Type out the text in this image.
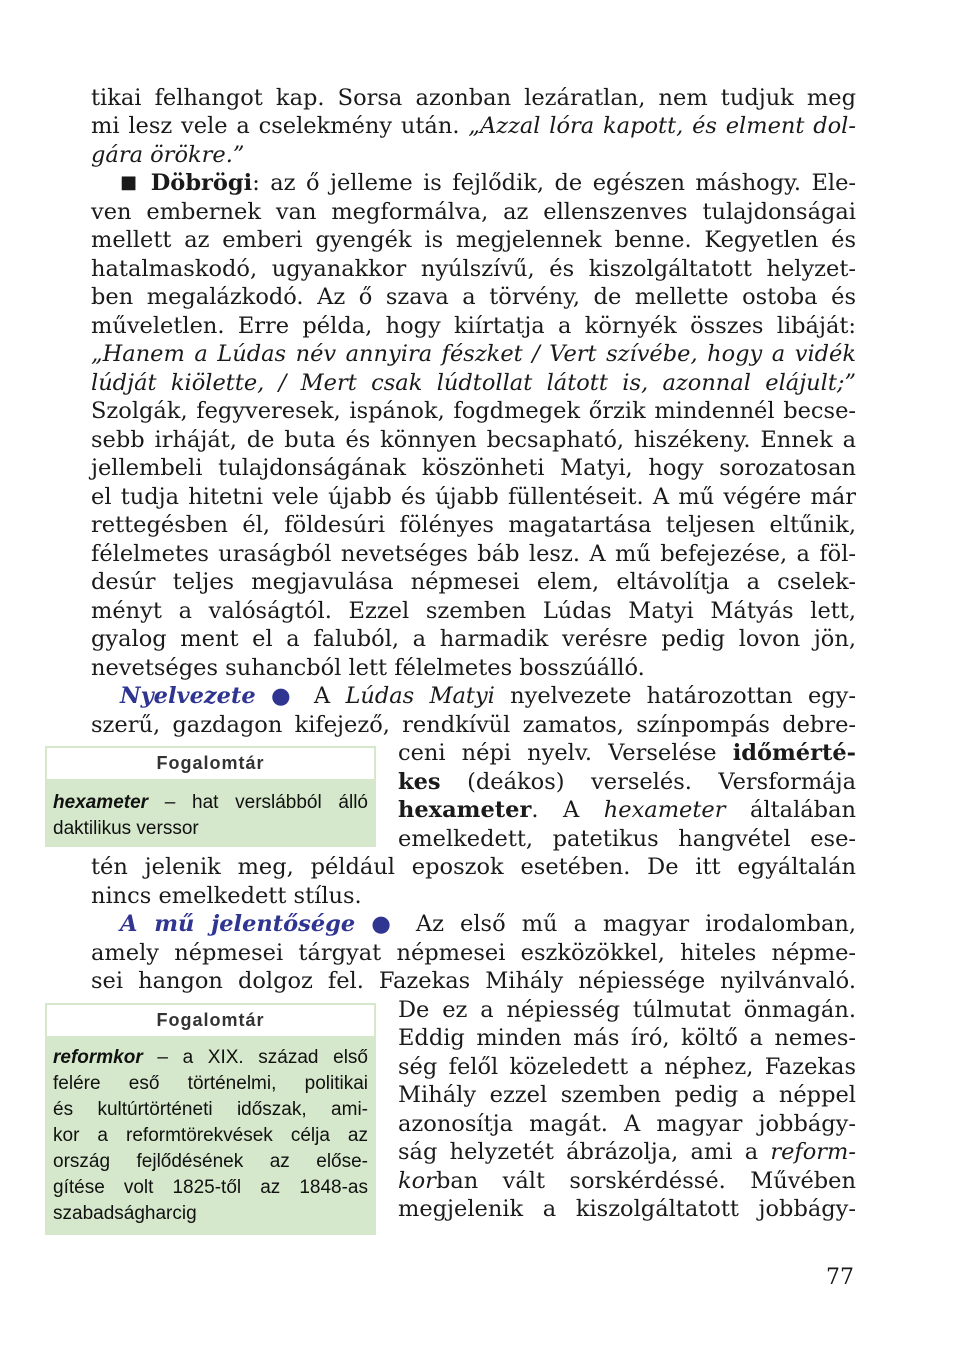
tikai felhangot kap. Sorsa azonban lezáratlan, nem tudjuk meg
mi lesz vele a cselekmény után. „Azzal lóra kapott, és elment dol-
gára örökre.”
■ Döbrögi: az ő jelleme is fejlődik, de egészen máshogy. Ele-
ven embernek van megformálva, az ellenszenves tulajdonságai
mellett az emberi gyengék is megjelennek benne. Kegyetlen és
hatalmaskodó, ugyanakkor nyúlszívű, és kiszolgáltatott helyzet-
ben megalázkodó. Az ő szava a törvény, de mellette ostoba és
műveletlen. Erre példa, hogy kiírtatja a környék összes libáját:
„Hanem a Lúdas név annyira fészket / Vert szívébe, hogy a vidék
lúdját kiölette, / Mert csak lúdtollat látott is, azonnal elájult;”
Szolgák, fegyveresek, ispánok, fogdmegek őrzik mindennél becse-
sebb irháját, de buta és könnyen becsapható, hiszékeny. Ennek a
jellembeli tulajdonságának köszönheti Matyi, hogy sorozatosan
el tudja hitetni vele újabb és újabb füllentéseit. A mű végére már
rettegésben él, földesúri fölényes magatartása teljesen eltűnik,
félelmetes uraságból nevetséges báb lesz. A mű befejezése, a föl-
desúr teljes megjavulása népmesei elem, eltávolítja a cselek-
ményt a valóságtól. Ezzel szemben Lúdas Matyi Mátyás lett,
gyalog ment el a faluból, a harmadik verésre pedig lovon jön,
nevetséges suhancból lett félelmetes bosszúálló.
Nyelvezete ● A Lúdas Matyi nyelvezete határozottan egy-
szerű, gazdagon kifejező, rendkívül zamatos, színpompás debre-
ceni népi nyelv. Verselése időmérté-
kes (deákos) verselés. Versformája
hexameter. A hexameter általában
emelkedett, patetikus hangvétel ese-
tén jelenik meg, például eposzok esetében. De itt egyáltalán
nincs emelkedett stílus.
A mű jelentősége ● Az első mű a magyar irodalomban,
amely népmesei tárgyat népmesei eszközökkel, hiteles népme-
sei hangon dolgoz fel. Fazekas Mihály népiessége nyilvánvaló.
De ez a népiesség túlmutat önmagán.
Eddig minden más író, költő a nemes-
ség felől közeledett a néphez, Fazekas
Mihály ezzel szemben pedig a néppel
azonosítja magát. A magyar jobbágy-
ság helyzetét ábrázolja, ami a reform-
korban vált sorskérdéssé. Művében
megjelenik a kiszolgáltatott jobbágy-
Fogalomtár
hexameter – hat verslábból álló
daktilikus verssor
Fogalomtár
reformkor – a XIX. század első
felére eső történelmi, politikai
és kultúrtörténeti időszak, ami-
kor a reformtörekvések célja az
ország fejlődésének az előse-
gítése volt 1825-től az 1848-as
szabadságharcig
77
